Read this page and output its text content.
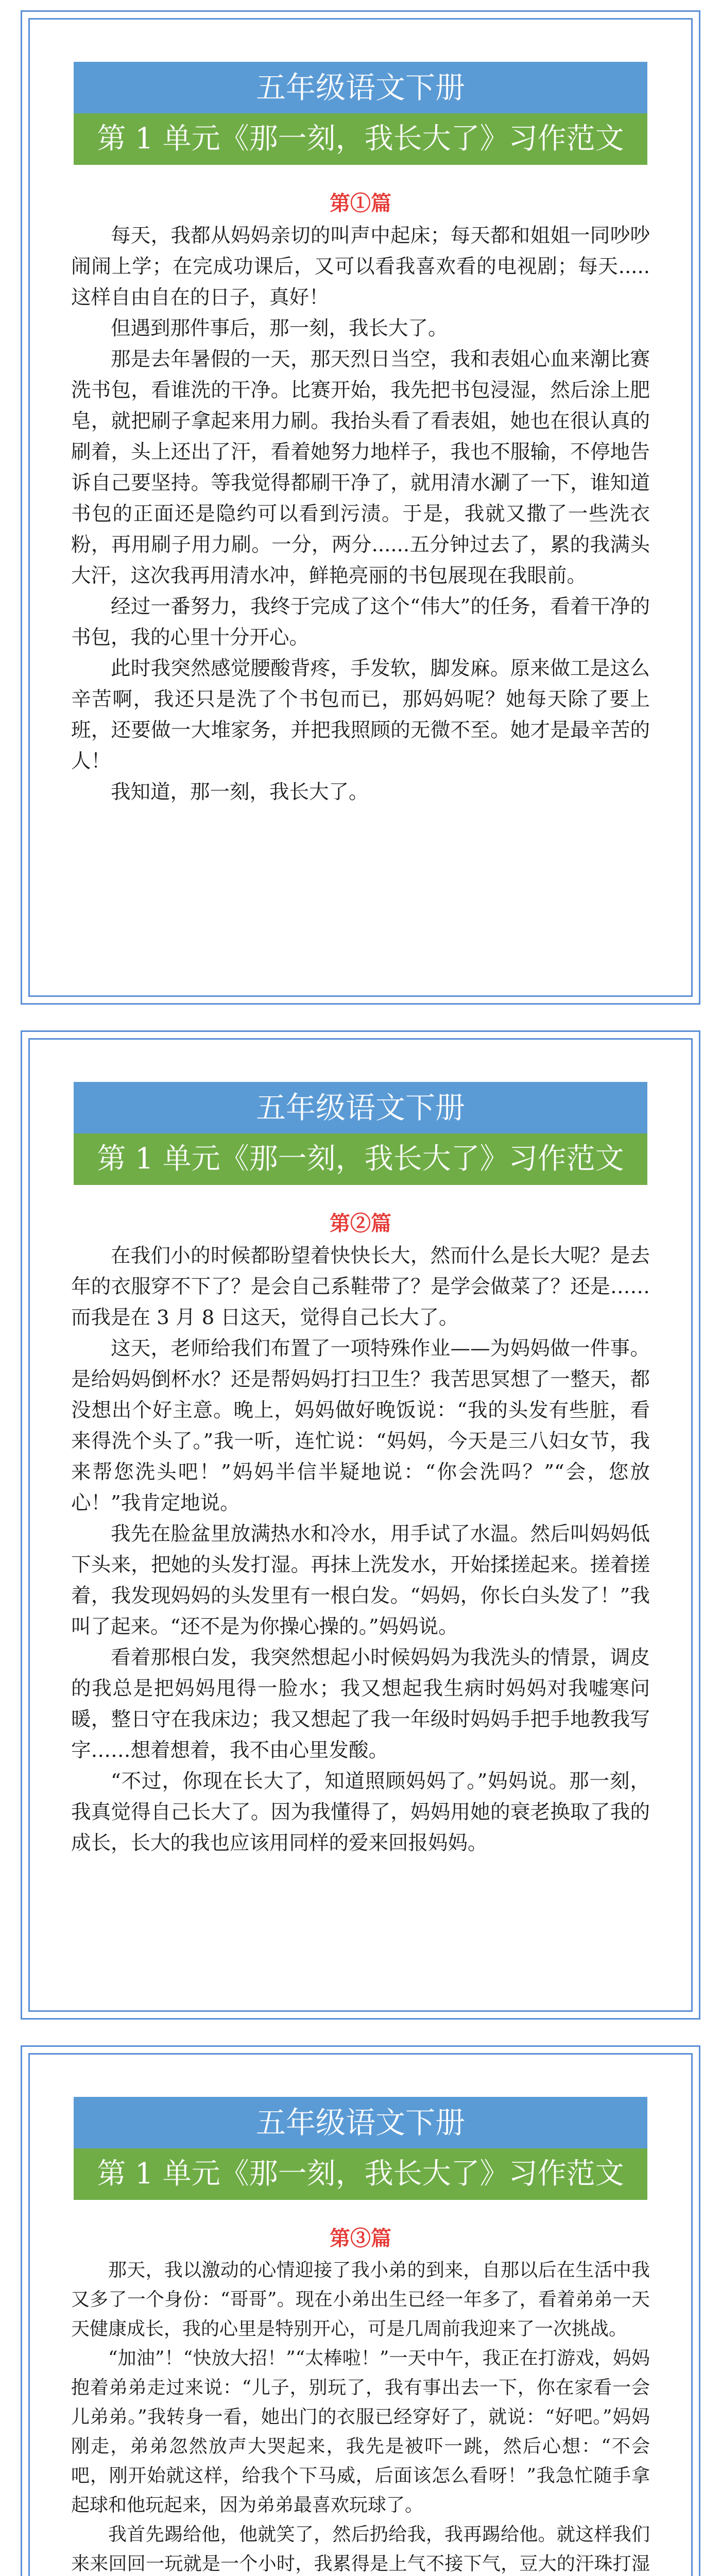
五年级语文下册
第 1 单元《那一刻，我长大了》习作范文
第①篇

每天，我都从妈妈亲切的叫声中起床；每天都和姐姐一同吵吵闹闹上学；在完成功课后，又可以看我喜欢看的电视剧；每天.....这样自由自在的日子，真好！

但遇到那件事后，那一刻，我长大了。

那是去年暑假的一天，那天烈日当空，我和表姐心血来潮比赛洗书包，看谁洗的干净。比赛开始，我先把书包浸湿，然后涂上肥皂，就把刷子拿起来用力刷。我抬头看了看表姐，她也在很认真的刷着，头上还出了汗，看着她努力地样子，我也不服输，不停地告诉自己要坚持。等我觉得都刷干净了，就用清水涮了一下，谁知道书包的正面还是隐约可以看到污渍。于是，我就又撒了一些洗衣粉，再用刷子用力刷。一分，两分......五分钟过去了，累的我满头大汗，这次我再用清水冲，鲜艳亮丽的书包展现在我眼前。

经过一番努力，我终于完成了这个“伟大”的任务，看着干净的书包，我的心里十分开心。

此时我突然感觉腰酸背疼，手发软，脚发麻。原来做工是这么辛苦啊，我还只是洗了个书包而已，那妈妈呢？她每天除了要上班，还要做一大堆家务，并把我照顾的无微不至。她才是最辛苦的人！

我知道，那一刻，我长大了。

五年级语文下册
第 1 单元《那一刻，我长大了》习作范文
第②篇

在我们小的时候都盼望着快快长大，然而什么是长大呢？是去年的衣服穿不下了？是会自己系鞋带了？是学会做菜了？还是……而我是在 3 月 8 日这天，觉得自己长大了。

这天，老师给我们布置了一项特殊作业——为妈妈做一件事。是给妈妈倒杯水？还是帮妈妈打扫卫生？我苦思冥想了一整天，都没想出个好主意。晚上，妈妈做好晚饭说：“我的头发有些脏，看来得洗个头了。”我一听，连忙说：“妈妈，今天是三八妇女节，我来帮您洗头吧！”妈妈半信半疑地说：“你会洗吗？”“会，您放心！”我肯定地说。

我先在脸盆里放满热水和冷水，用手试了水温。然后叫妈妈低下头来，把她的头发打湿。再抹上洗发水，开始揉搓起来。搓着搓着，我发现妈妈的头发里有一根白发。“妈妈，你长白头发了！”我叫了起来。“还不是为你操心操的。”妈妈说。

看着那根白发，我突然想起小时候妈妈为我洗头的情景，调皮的我总是把妈妈甩得一脸水；我又想起我生病时妈妈对我嘘寒问暖，整日守在我床边；我又想起了我一年级时妈妈手把手地教我写字……想着想着，我不由心里发酸。

“不过，你现在长大了，知道照顾妈妈了。”妈妈说。那一刻，我真觉得自己长大了。因为我懂得了，妈妈用她的衰老换取了我的成长，长大的我也应该用同样的爱来回报妈妈。

五年级语文下册
第 1 单元《那一刻，我长大了》习作范文
第③篇

那天，我以激动的心情迎接了我小弟的到来，自那以后在生活中我又多了一个身份：“哥哥”。现在小弟出生已经一年多了，看着弟弟一天天健康成长，我的心里是特别开心，可是几周前我迎来了一次挑战。

“加油”！“快放大招！”“太棒啦！”一天中午，我正在打游戏，妈妈抱着弟弟走过来说：“儿子，别玩了，我有事出去一下，你在家看一会儿弟弟。”我转身一看，她出门的衣服已经穿好了，就说：“好吧。”妈妈刚走，弟弟忽然放声大哭起来，我先是被吓一跳，然后心想：“不会吧，刚开始就这样，给我个下马威，后面该怎么看呀！”我急忙随手拿起球和他玩起来，因为弟弟最喜欢玩球了。

我首先踢给他，他就笑了，然后扔给我，我再踢给他。就这样我们来来回回一玩就是一个小时，我累得是上气不接下气，豆大的汗珠打湿
